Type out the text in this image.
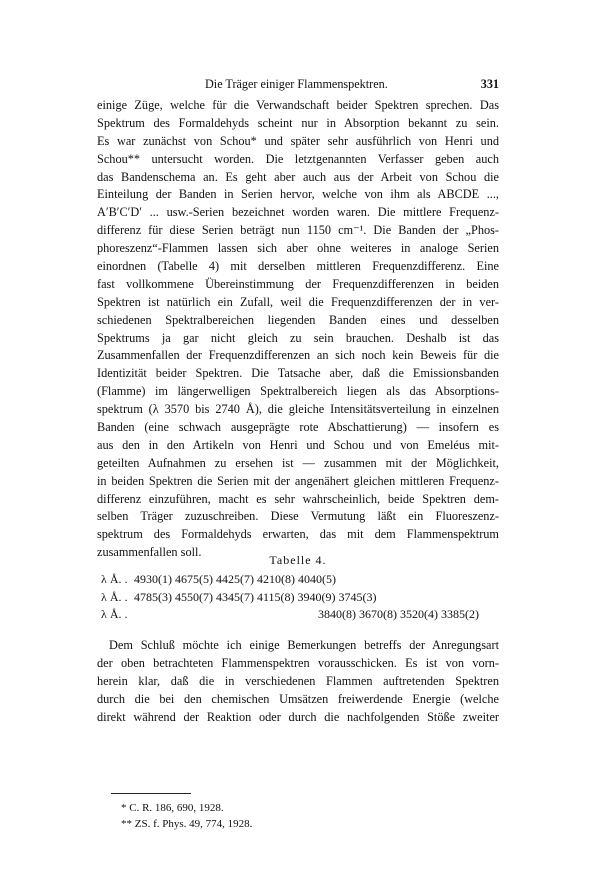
Die Träger einiger Flammenspektren.	331
einige Züge, welche für die Verwandschaft beider Spektren sprechen. Das
Spektrum des Formaldehyds scheint nur in Absorption bekannt zu sein.
Es war zunächst von Schou* und später sehr ausführlich von Henri und
Schou** untersucht worden. Die letztgenannten Verfasser geben auch
das Bandenschema an. Es geht aber auch aus der Arbeit von Schou die
Einteilung der Banden in Serien hervor, welche von ihm als ABCDE ...,
A′B′C′D′ ... usw.-Serien bezeichnet worden waren. Die mittlere Frequenz-
differenz für diese Serien beträgt nun 1150 cm⁻¹. Die Banden der „Phos-
phoreszenz“-Flammen lassen sich aber ohne weiteres in analoge Serien
einordnen (Tabelle 4) mit derselben mittleren Frequenzdifferenz. Eine
fast vollkommene Übereinstimmung der Frequenzdifferenzen in beiden
Spektren ist natürlich ein Zufall, weil die Frequenzdifferenzen der in ver-
schiedenen Spektralbereichen liegenden Banden eines und desselben
Spektrums ja gar nicht gleich zu sein brauchen. Deshalb ist das
Zusammenfallen der Frequenzdifferenzen an sich noch kein Beweis für die
Identizität beider Spektren. Die Tatsache aber, daß die Emissionsbanden
(Flamme) im längerwelligen Spektralbereich liegen als das Absorptions-
spektrum (λ 3570 bis 2740 Å), die gleiche Intensitätsverteilung in einzelnen
Banden (eine schwach ausgeprägte rote Abschattierung) — insofern es
aus den in den Artikeln von Henri und Schou und von Emeléus mit-
geteilten Aufnahmen zu ersehen ist — zusammen mit der Möglichkeit,
in beiden Spektren die Serien mit der angenähert gleichen mittleren Frequenz-
differenz einzuführen, macht es sehr wahrscheinlich, beide Spektren dem-
selben Träger zuzuschreiben. Diese Vermutung läßt ein Fluoreszenz-
spektrum des Formaldehyds erwarten, das mit dem Flammenspektrum
zusammenfallen soll.
Tabelle 4.
λ Å. . 4930(1) 4675(5) 4425(7) 4210(8) 4040(5)
λ Å. . 4785(3) 4550(7) 4345(7) 4115(8) 3940(9) 3745(3)
λ Å. .	3840(8) 3670(8) 3520(4) 3385(2)
Dem Schluß möchte ich einige Bemerkungen betreffs der Anregungsart
der oben betrachteten Flammenspektren vorausschicken. Es ist von vorn-
herein klar, daß die in verschiedenen Flammen auftretenden Spektren
durch die bei den chemischen Umsätzen freiwerdende Energie (welche
direkt während der Reaktion oder durch die nachfolgenden Stöße zweiter
* C. R. 186, 690, 1928.
** ZS. f. Phys. 49, 774, 1928.
